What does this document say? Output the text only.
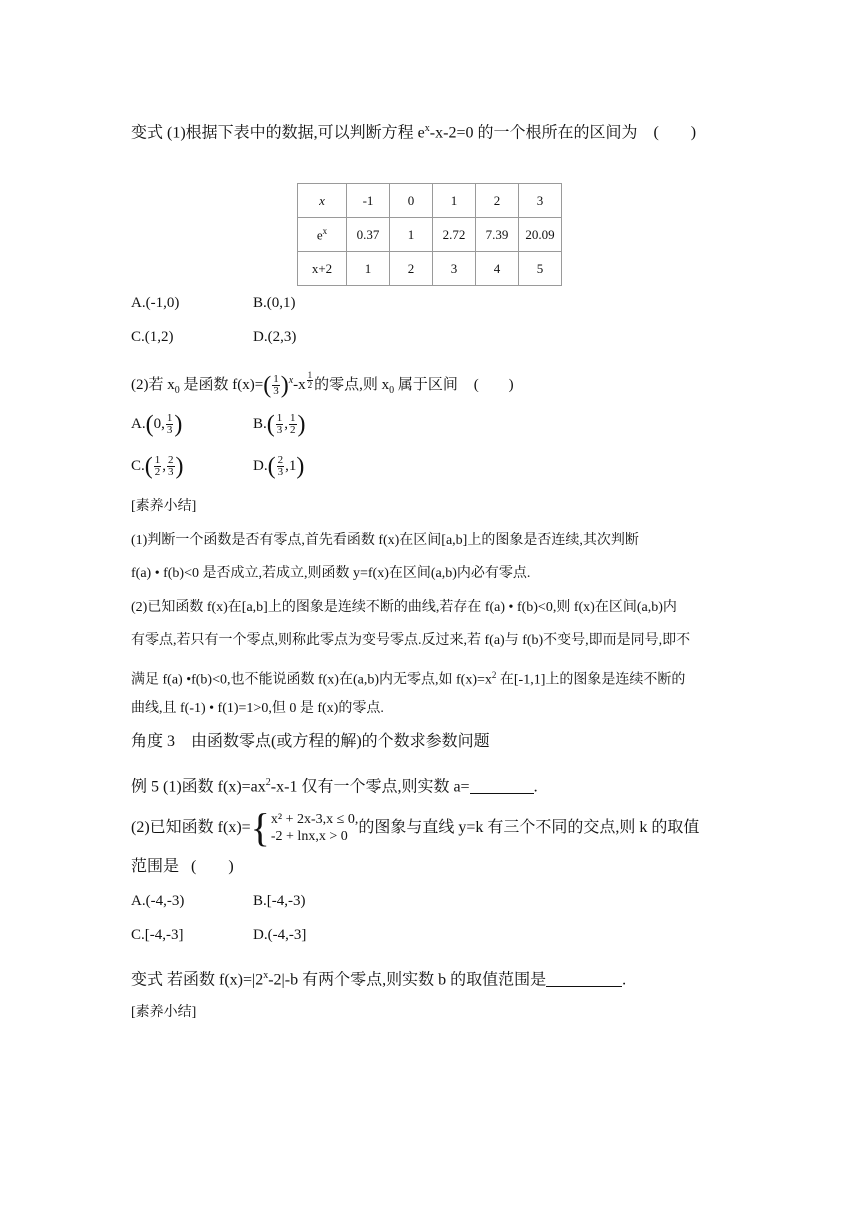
变式 (1)根据下表中的数据,可以判断方程 $e^x-x-2=0$ 的一个根所在的区间为 (　　)
x	-1	0	1	2	3
$e^x$	0.37	1	2.72	7.39	20.09
x+2	1	2	3	4	5
A.(-1,0)	B.(0,1)
C.(1,2)	D.(2,3)
(2)若 $x_0$ 是函数 $f(x)=( \frac{1}{3} )^x-x$ $^{\frac{1}{2}}$ 的零点,则 $x_0$ 属于区间 (　　)
A.(0, $\frac{1}{3}$ )	$B.( \frac{1}{3}$ , $\frac{1}{2}$ )
$C.( \frac{1}{2}$ , $\frac{2}{3}$ )	$D.( \frac{2}{3} ,1)$
[素养小结]
(1)判断一个函数是否有零点,首先看函数 f(x)在区间[a,b]上的图象是否连续,其次判断
f(a) • f(b)<0 是否成立,若成立,则函数 y=f(x)在区间(a,b)内必有零点.
(2)已知函数 f(x)在[a,b]上的图象是连续不断的曲线,若存在 f(a) • f(b)<0,则 f(x)在区间(a,b)内
有零点,若只有一个零点,则称此零点为变号零点.反过来,若 f(a)与 f(b)不变号,即而是同号,即不
满足 f(a) •f(b)<0,也不能说函数 f(x)在(a,b)内无零点,如 $f(x)=x^2$ 在[-1,1]上的图象是连续不断的
曲线,且 f(-1) • f(1)=1>0,但 0 是 f(x)的零点.
角度 3　由函数零点(或方程的解)的个数求参数问题
例 5 (1)函数 $f(x)=ax^2-x-1$ 仅有一个零点,则实数 a=	.
(2)已知函数 f(x)={ x² + 2x-3,x ≤ 0,
-2 + lnx,x > 0
的图象与直线 y=k 有三个不同的交点,则 k 的取值
范围是 (　　)
A.(-4,-3)	B.[-4,-3)
C.[-4,-3]	D.(-4,-3]
变式 若函数 $f(x)=|2^x-2|-b$ 有两个零点,则实数 b 的取值范围是	.
[素养小结]
